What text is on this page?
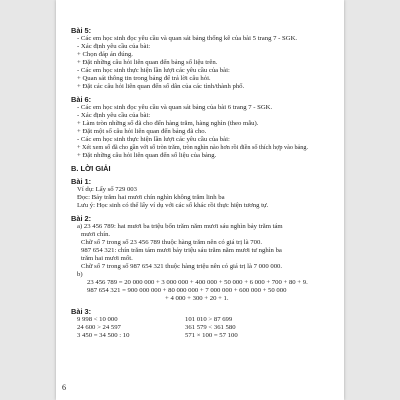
Bài 5:
- Các em học sinh đọc yêu cầu và quan sát bảng thống kê của bài 5 trang 7 - SGK.
- Xác định yêu cầu của bài:
+ Chọn đáp án đúng.
+ Đặt những câu hỏi liên quan đến bảng số liệu trên.
- Các em học sinh thực hiện lần lượt các yêu cầu của bài:
+ Quan sát thông tin trong bảng để trả lời câu hỏi.
+ Đặt các câu hỏi liên quan đến số dân của các tỉnh/thành phố.
Bài 6:
- Các em học sinh đọc yêu cầu và quan sát bảng của bài 6 trang 7 - SGK.
- Xác định yêu cầu của bài:
+ Làm tròn những số đã cho đến hàng trăm, hàng nghìn (theo mẫu).
+ Đặt một số câu hỏi liên quan đến bảng đã cho.
- Các em học sinh thực hiện lần lượt các yêu cầu của bài:
+ Xét xem số đã cho gần với số tròn trăm, tròn nghìn nào hơn rồi điền số thích hợp vào bảng.
+ Đặt những câu hỏi liên quan đến số liệu của bảng.
B. LỜI GIẢI
Bài 1:
Ví dụ: Lấy số 729 003
Đọc: Bảy trăm hai mươi chín nghìn không trăm linh ba
Lưu ý: Học sinh có thể lấy ví dụ với các số khác rồi thực hiện tương tự.
Bài 2:
a) 23 456 789: hai mươi ba triệu bốn trăm năm mươi sáu nghìn bảy trăm tám
mươi chín.
Chữ số 7 trong số 23 456 789 thuộc hàng trăm nên có giá trị là 700.
987 654 321: chín trăm tám mươi bảy triệu sáu trăm năm mươi tư nghìn ba
trăm hai mươi mốt.
Chữ số 7 trong số 987 654 321 thuộc hàng triệu nên có giá trị là 7 000 000.
b)
23 456 789 = 20 000 000 + 3 000 000 + 400 000 + 50 000 + 6 000 + 700 + 80 + 9.
987 654 321 = 900 000 000 + 80 000 000 + 7 000 000 + 600 000 + 50 000
+ 4 000 + 300 + 20 + 1.
Bài 3:
9 998 < 10 000	101 010 > 87 699
24 600 > 24 597	361 579 < 361 580
3 450 = 34 500 : 10	571 × 100 = 57 100
6
